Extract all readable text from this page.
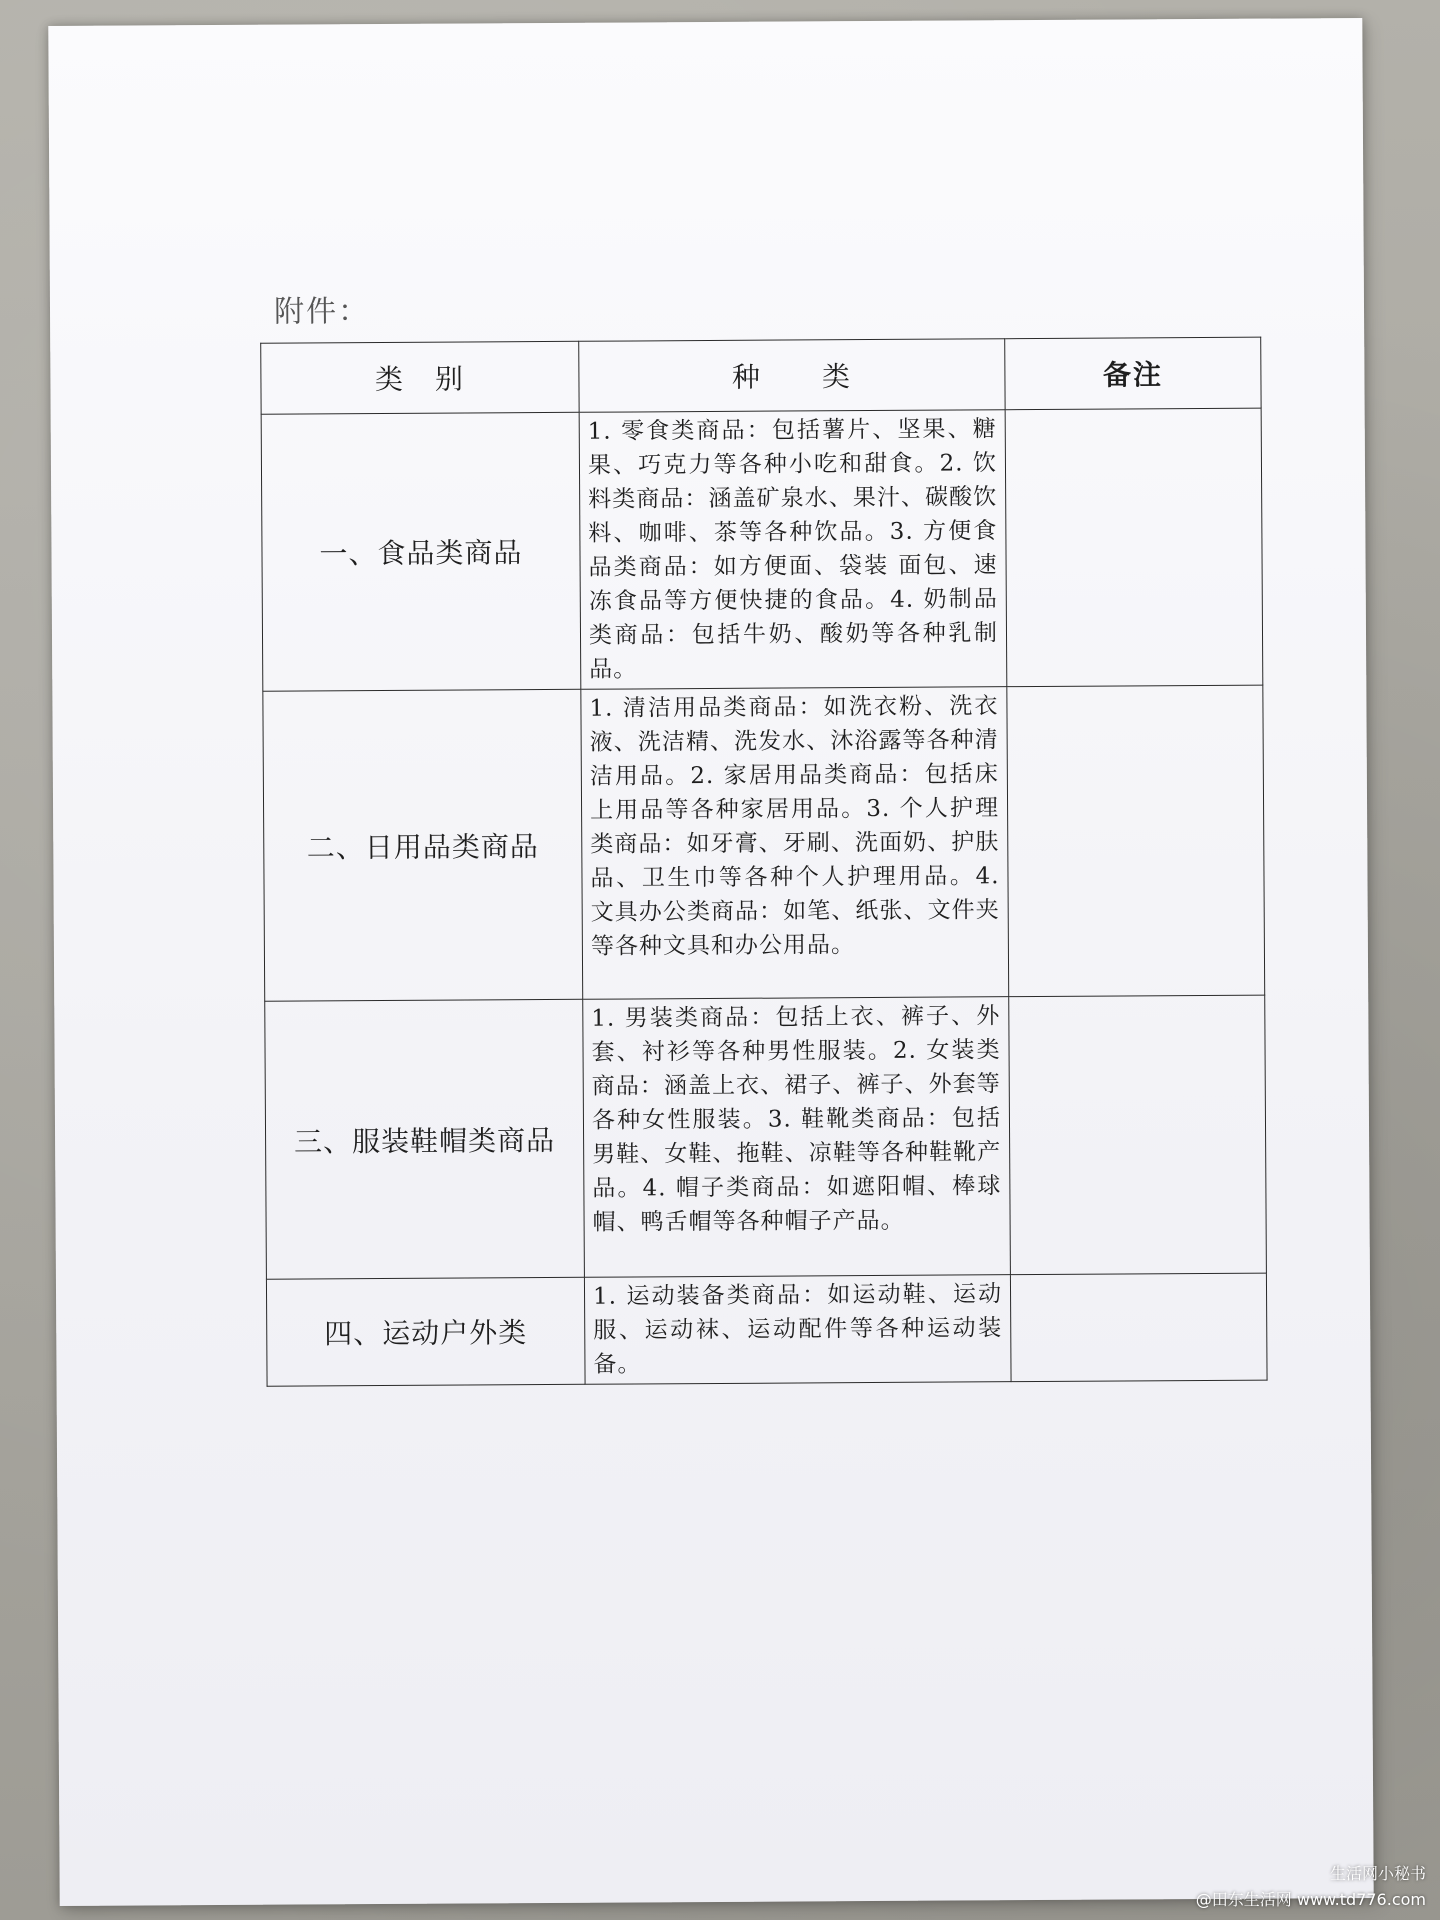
附件：
类　别	种　　类	备注
一、食品类商品	1. 零食类商品：包括薯片、坚果、糖果、巧克力等各种小吃和甜食。2. 饮料类商品：涵盖矿泉水、果汁、碳酸饮料、咖啡、茶等各种饮品。3. 方便食品类商品：如方便面、袋装 面包、速冻食品等方便快捷的食品。4. 奶制品类商品：包括牛奶、酸奶等各种乳制品。	
二、日用品类商品	1. 清洁用品类商品：如洗衣粉、洗衣液、洗洁精、洗发水、沐浴露等各种清洁用品。2. 家居用品类商品：包括床上用品等各种家居用品。3. 个人护理类商品：如牙膏、牙刷、洗面奶、护肤品、卫生巾等各种个人护理用品。4. 文具办公类商品：如笔、纸张、文件夹等各种文具和办公用品。	
三、服装鞋帽类商品	1. 男装类商品：包括上衣、裤子、外套、衬衫等各种男性服装。2. 女装类商品：涵盖上衣、裙子、裤子、外套等各种女性服装。3. 鞋靴类商品：包括男鞋、女鞋、拖鞋、凉鞋等各种鞋靴产品。4. 帽子类商品：如遮阳帽、棒球帽、鸭舌帽等各种帽子产品。	
四、运动户外类	1. 运动装备类商品：如运动鞋、运动服、运动袜、运动配件等各种运动装备。	
生活网小秘书
@田东生活网 www.td776.com
